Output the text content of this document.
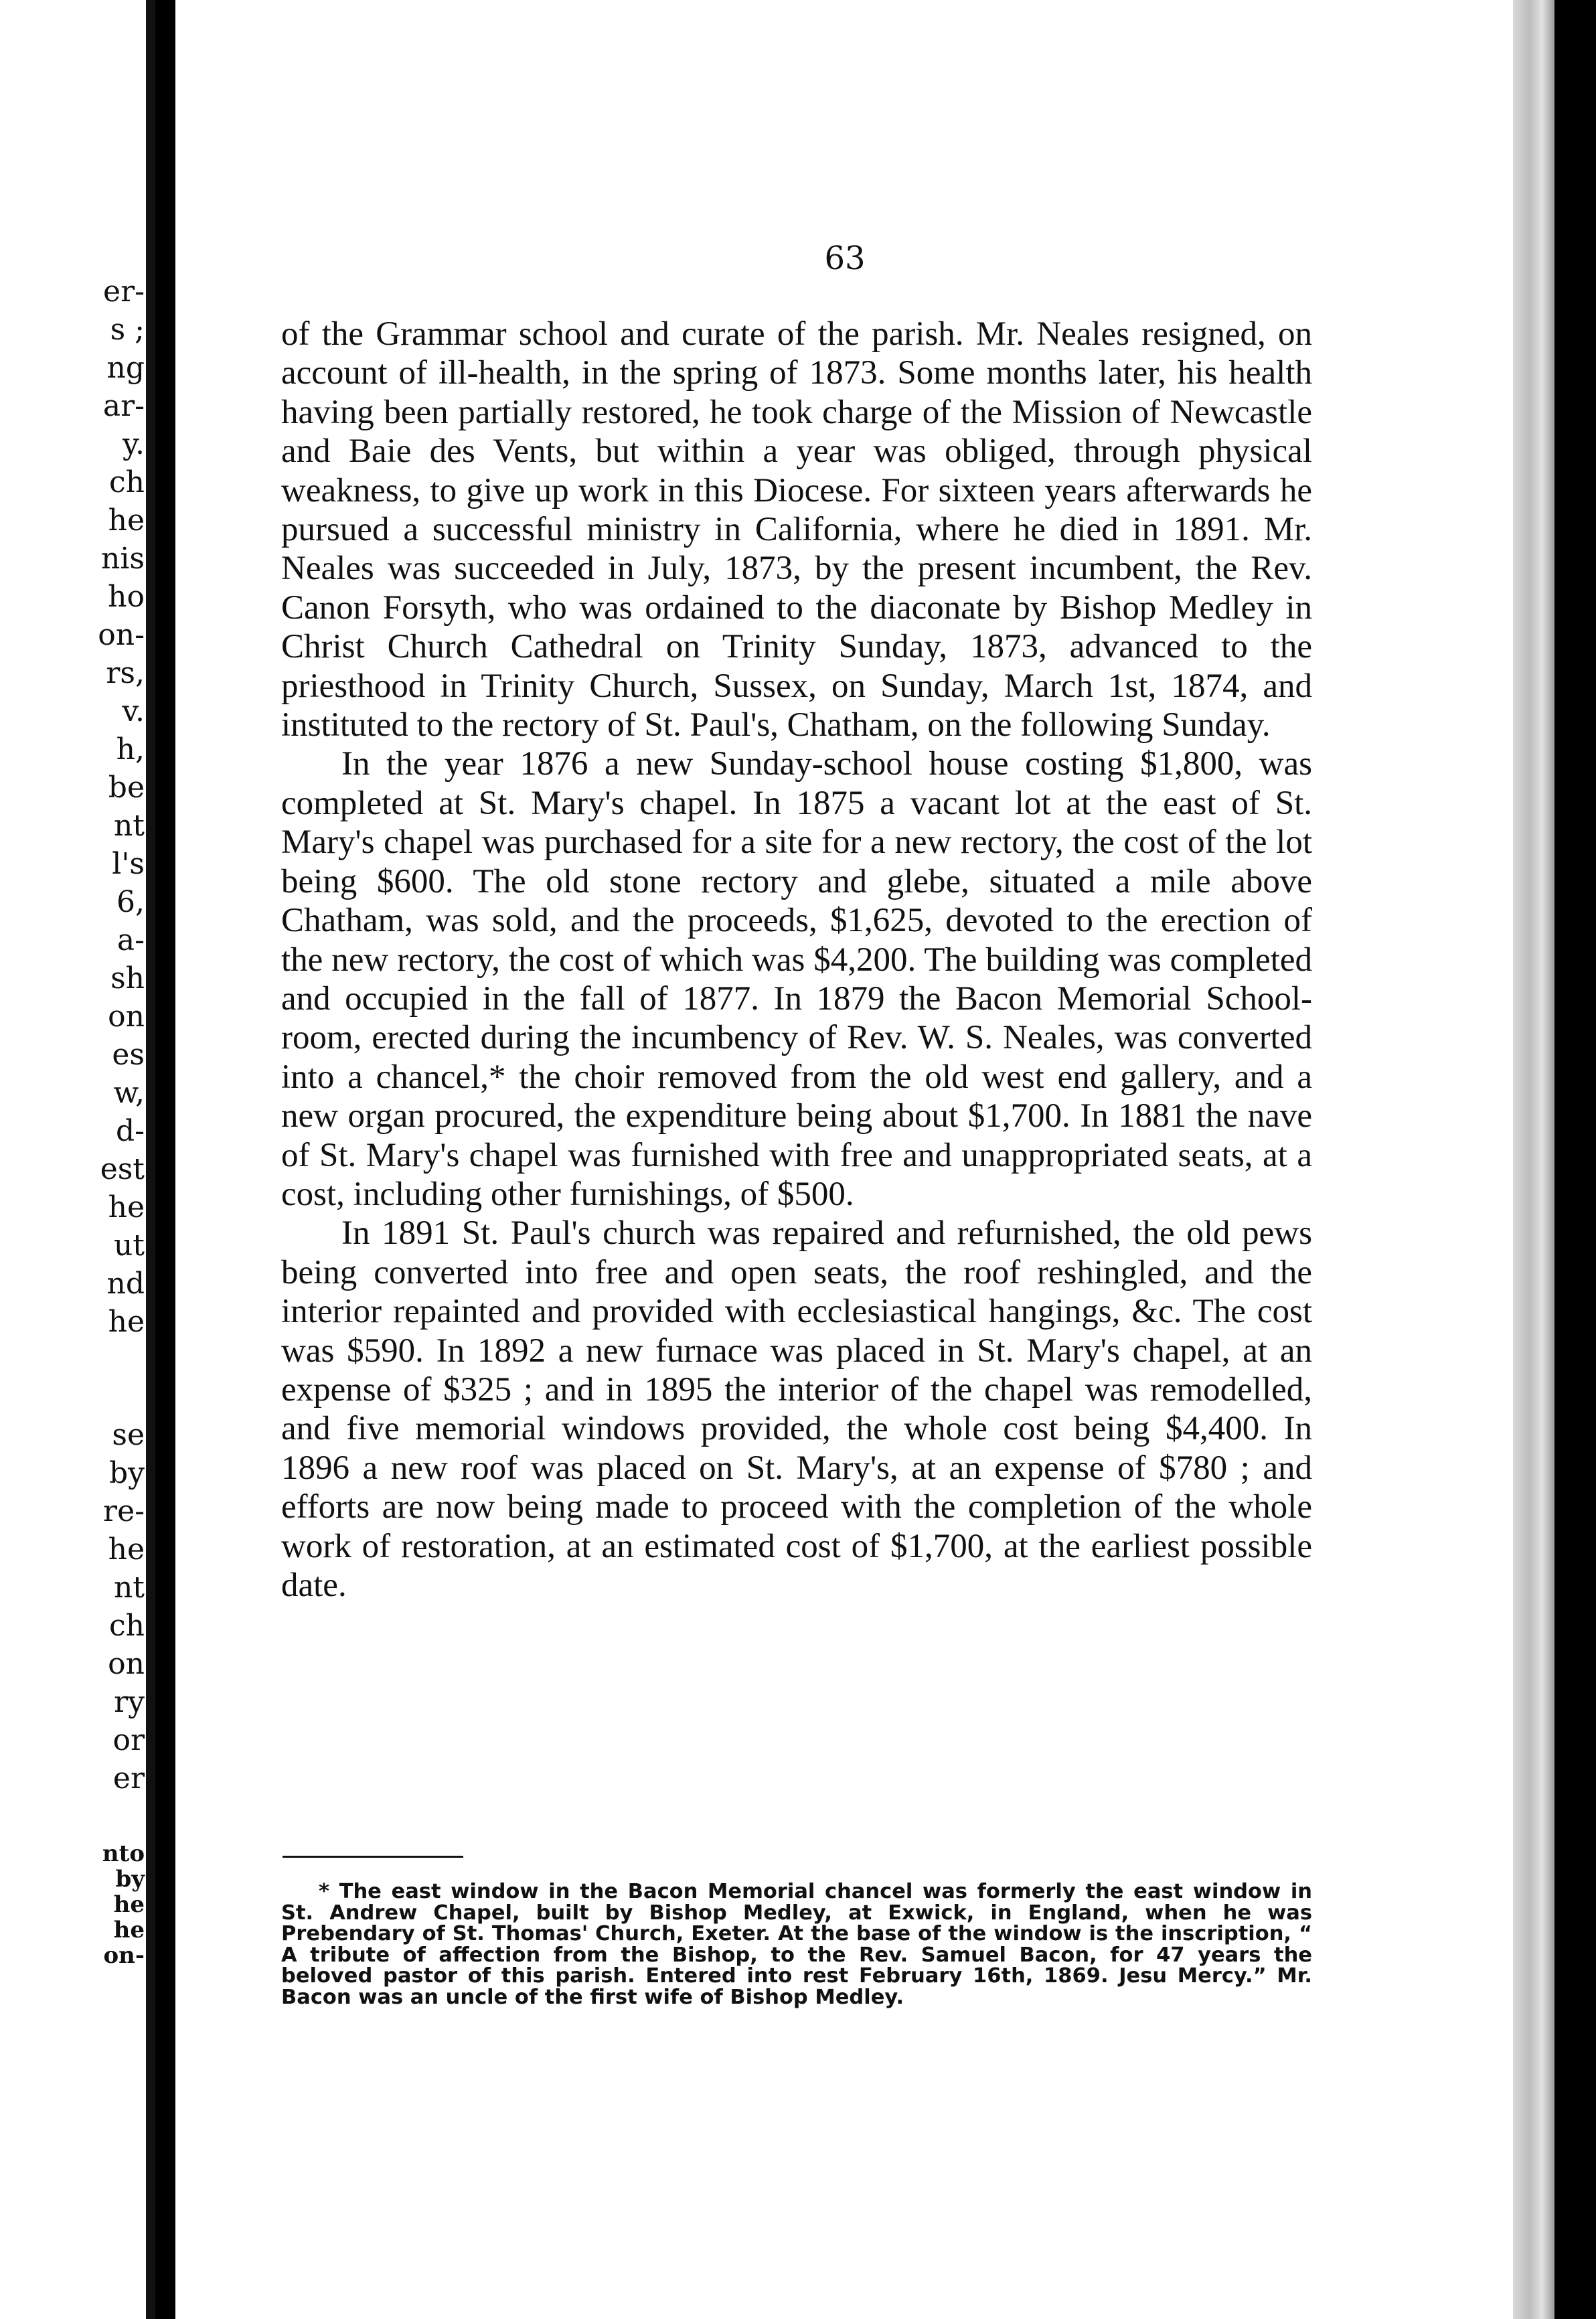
er-
s ;
ng
ar-
y.
ch
he
nis
ho
on-
rs,
v.
h,
be
nt
l's
6,
a-
sh
on
es
w,
d-
est
he
ut
nd
he
se
by
re-
he
nt
ch
on
ry
or
er
nto
by
he
he
on-
63

of the Grammar school and curate of the parish. Mr. Neales resigned, on account of ill-health, in the spring of 1873. Some months later, his health having been partially restored, he took charge of the Mission of Newcastle and Baie des Vents, but within a year was obliged, through physical weakness, to give up work in this Diocese. For sixteen years afterwards he pursued a successful ministry in California, where he died in 1891. Mr. Neales was succeeded in July, 1873, by the present incumbent, the Rev. Canon Forsyth, who was ordained to the diaconate by Bishop Medley in Christ Church Cathedral on Trinity Sunday, 1873, advanced to the priesthood in Trinity Church, Sussex, on Sunday, March 1st, 1874, and instituted to the rectory of St. Paul's, Chatham, on the following Sunday.

In the year 1876 a new Sunday-school house costing $1,800, was completed at St. Mary's chapel. In 1875 a vacant lot at the east of St. Mary's chapel was purchased for a site for a new rectory, the cost of the lot being $600. The old stone rectory and glebe, situated a mile above Chatham, was sold, and the proceeds, $1,625, devoted to the erection of the new rectory, the cost of which was $4,200. The building was completed and occupied in the fall of 1877. In 1879 the Bacon Memorial School-room, erected during the incumbency of Rev. W. S. Neales, was converted into a chancel,* the choir removed from the old west end gallery, and a new organ procured, the expenditure being about $1,700. In 1881 the nave of St. Mary's chapel was furnished with free and unappropriated seats, at a cost, including other furnishings, of $500.

In 1891 St. Paul's church was repaired and refurnished, the old pews being converted into free and open seats, the roof reshingled, and the interior repainted and provided with ecclesiastical hangings, &c. The cost was $590. In 1892 a new furnace was placed in St. Mary's chapel, at an expense of $325 ; and in 1895 the interior of the chapel was remodelled, and five memorial windows provided, the whole cost being $4,400. In 1896 a new roof was placed on St. Mary's, at an expense of $780 ; and efforts are now being made to proceed with the completion of the whole work of restoration, at an estimated cost of $1,700, at the earliest possible date.

* The east window in the Bacon Memorial chancel was formerly the east window in St. Andrew Chapel, built by Bishop Medley, at Exwick, in England, when he was Prebendary of St. Thomas' Church, Exeter. At the base of the window is the inscription, “ A tribute of affection from the Bishop, to the Rev. Samuel Bacon, for 47 years the beloved pastor of this parish. Entered into rest February 16th, 1869. Jesu Mercy.” Mr. Bacon was an uncle of the first wife of Bishop Medley.
